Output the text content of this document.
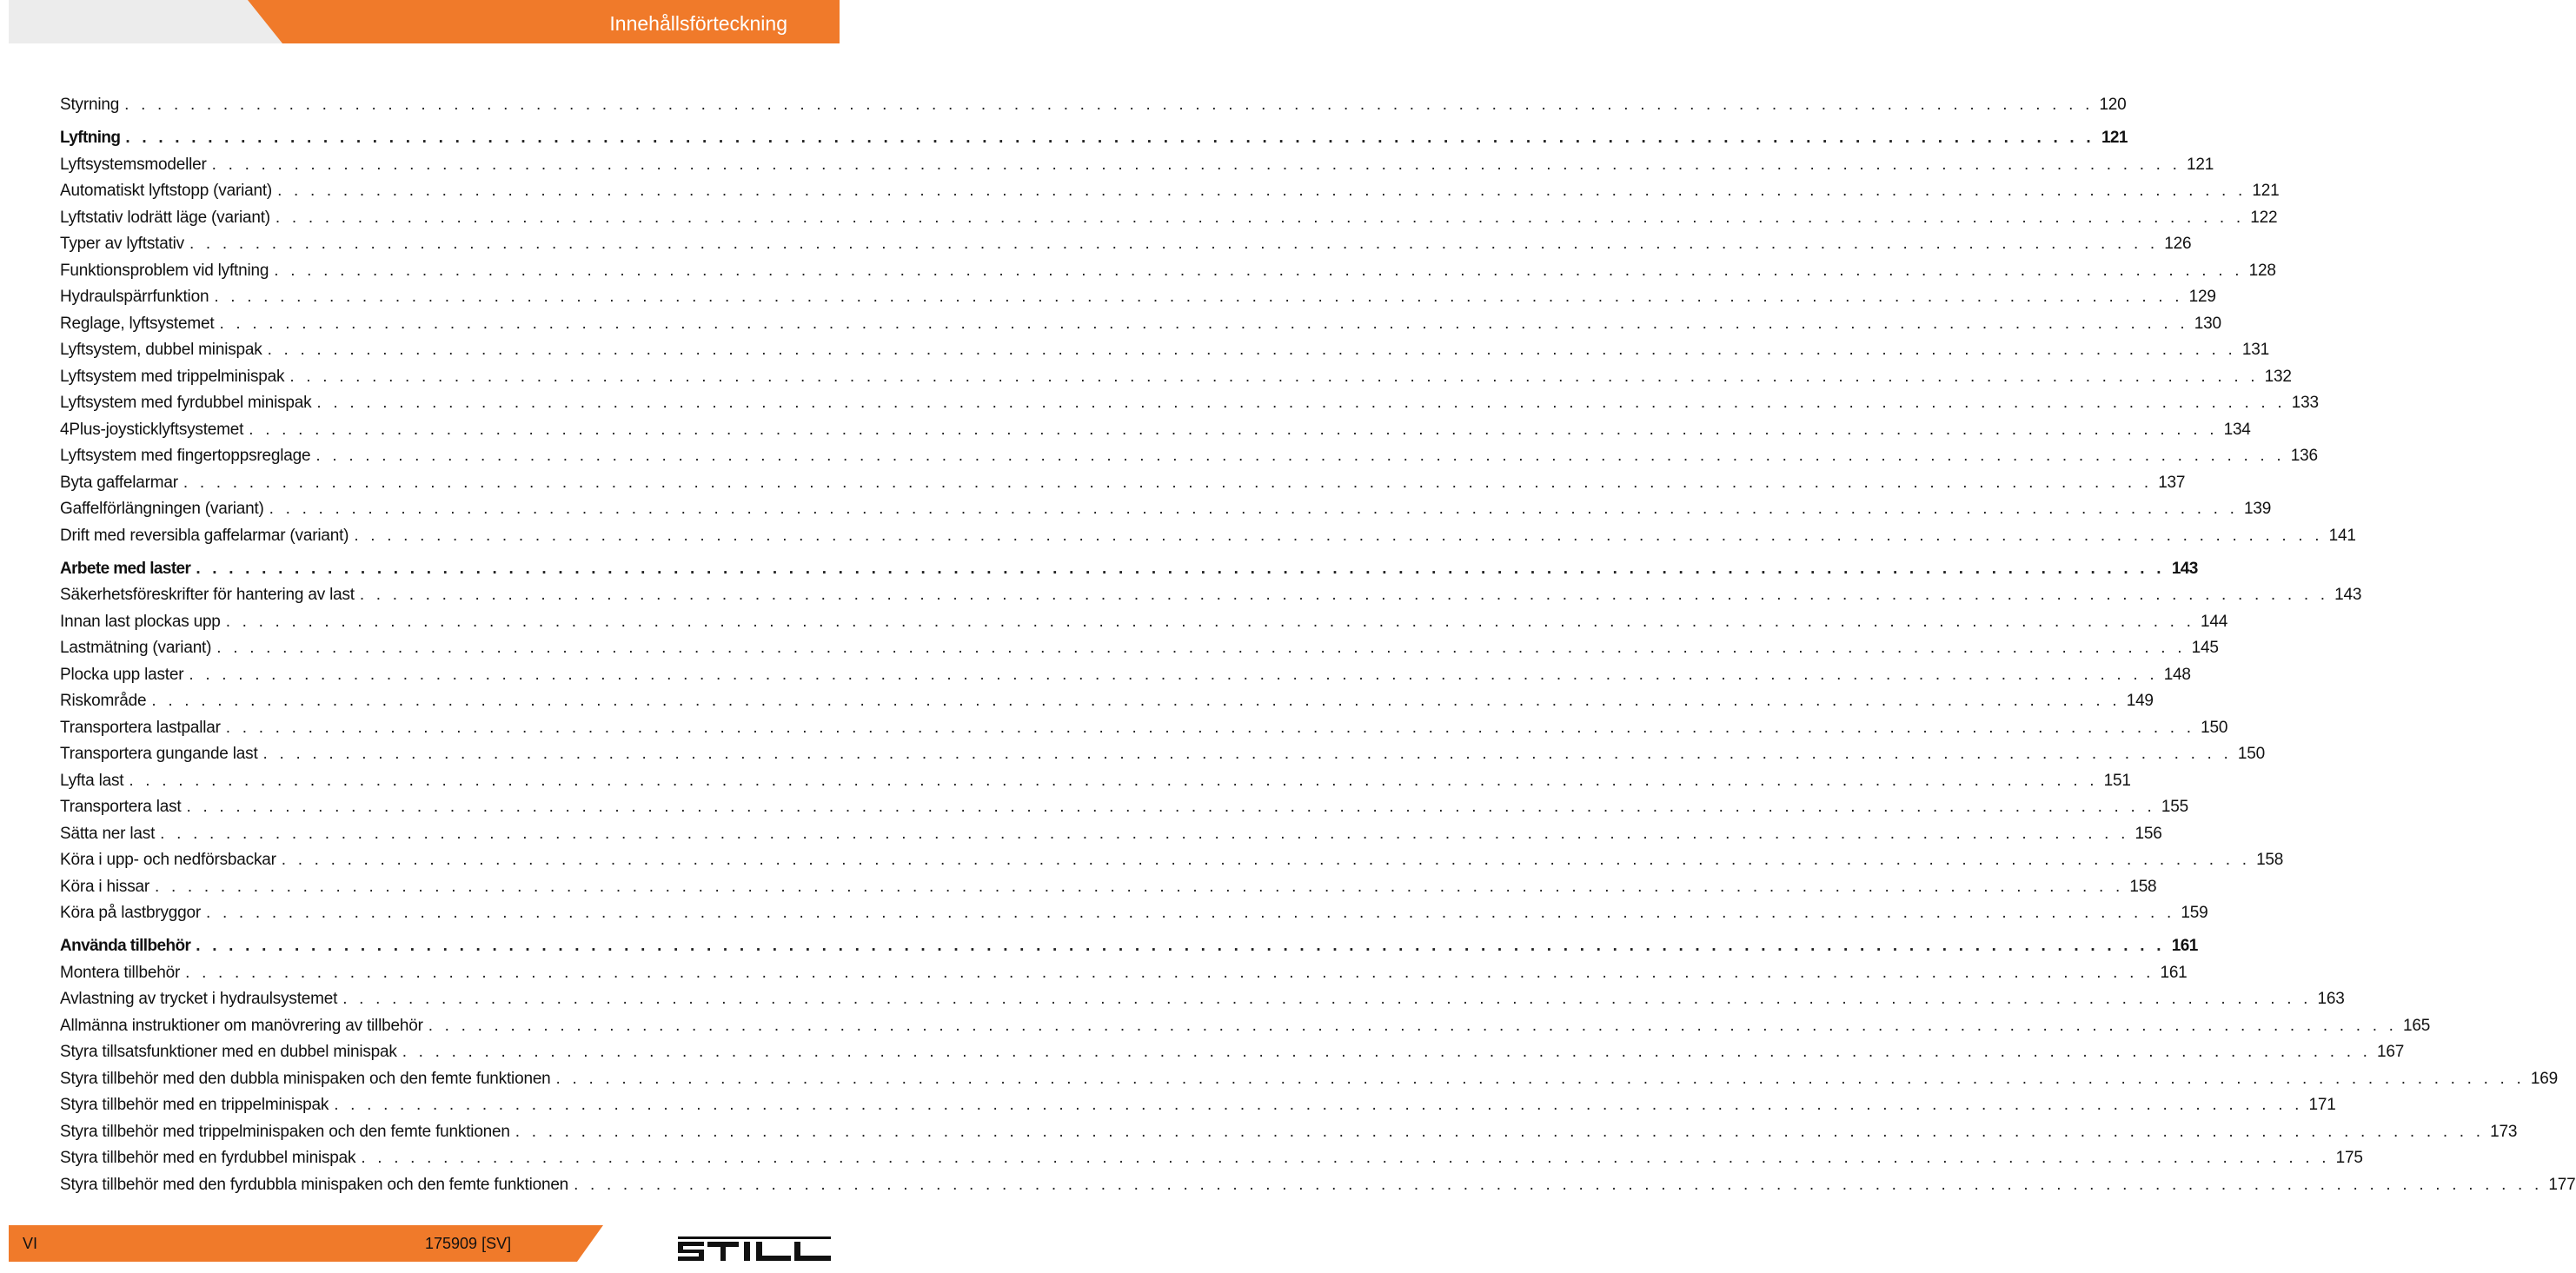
Innehållsförteckning
Styrning . . . . . . . . . . . . . . . . . . . . . . . . . . . . . . . . . . . . . . . . . . . . . . . . . . . . . . . . . . . . . . . . . . . . . . . . . . . . . . . . . . . . . . . . . . . . . . . . . . . . . . . . . . . . . . . . . . . . . . . . 120
Lyftning . . . . . . . . . . . . . . . . . . . . . . . . . . . . . . . . . . . . . . . . . . . . . . . . . . . . . . . . . . . . . . . . . . . . . . . . . . . . . . . . . . . . . . . . . . . . . . . . . . . . . . . . . . . . . . . . . . . . . . . . 121
Lyftsystemsmodeller . . . . . . . . . . . . . . . . . . . . . . . . . . . . . . . . . . . . . . . . . . . . . . . . . . . . . . . . . . . . . . . . . . . . . . . . . . . . . . . . . . . . . . . . . . . . . . . . . . . . . . . . . . . . . . . . . . . . . . . . 121
Automatiskt lyftstopp (variant) . . . . . . . . . . . . . . . . . . . . . . . . . . . . . . . . . . . . . . . . . . . . . . . . . . . . . . . . . . . . . . . . . . . . . . . . . . . . . . . . . . . . . . . . . . . . . . . . . . . . . . . . . . . . . . . . . . . . . . . . 121
Lyftstativ lodrätt läge (variant) . . . . . . . . . . . . . . . . . . . . . . . . . . . . . . . . . . . . . . . . . . . . . . . . . . . . . . . . . . . . . . . . . . . . . . . . . . . . . . . . . . . . . . . . . . . . . . . . . . . . . . . . . . . . . . . . . . . . . . . . 122
Typer av lyftstativ . . . . . . . . . . . . . . . . . . . . . . . . . . . . . . . . . . . . . . . . . . . . . . . . . . . . . . . . . . . . . . . . . . . . . . . . . . . . . . . . . . . . . . . . . . . . . . . . . . . . . . . . . . . . . . . . . . . . . . . . 126
Funktionsproblem vid lyftning . . . . . . . . . . . . . . . . . . . . . . . . . . . . . . . . . . . . . . . . . . . . . . . . . . . . . . . . . . . . . . . . . . . . . . . . . . . . . . . . . . . . . . . . . . . . . . . . . . . . . . . . . . . . . . . . . . . . . . . . 128
Hydraulspärrfunktion . . . . . . . . . . . . . . . . . . . . . . . . . . . . . . . . . . . . . . . . . . . . . . . . . . . . . . . . . . . . . . . . . . . . . . . . . . . . . . . . . . . . . . . . . . . . . . . . . . . . . . . . . . . . . . . . . . . . . . . . 129
Reglage, lyftsystemet . . . . . . . . . . . . . . . . . . . . . . . . . . . . . . . . . . . . . . . . . . . . . . . . . . . . . . . . . . . . . . . . . . . . . . . . . . . . . . . . . . . . . . . . . . . . . . . . . . . . . . . . . . . . . . . . . . . . . . . . 130
Lyftsystem, dubbel minispak . . . . . . . . . . . . . . . . . . . . . . . . . . . . . . . . . . . . . . . . . . . . . . . . . . . . . . . . . . . . . . . . . . . . . . . . . . . . . . . . . . . . . . . . . . . . . . . . . . . . . . . . . . . . . . . . . . . . . . . . 131
Lyftsystem med trippelminispak . . . . . . . . . . . . . . . . . . . . . . . . . . . . . . . . . . . . . . . . . . . . . . . . . . . . . . . . . . . . . . . . . . . . . . . . . . . . . . . . . . . . . . . . . . . . . . . . . . . . . . . . . . . . . . . . . . . . . . . . 132
Lyftsystem med fyrdubbel minispak . . . . . . . . . . . . . . . . . . . . . . . . . . . . . . . . . . . . . . . . . . . . . . . . . . . . . . . . . . . . . . . . . . . . . . . . . . . . . . . . . . . . . . . . . . . . . . . . . . . . . . . . . . . . . . . . . . . . . . . . 133
4Plus-joysticklyftsystemet . . . . . . . . . . . . . . . . . . . . . . . . . . . . . . . . . . . . . . . . . . . . . . . . . . . . . . . . . . . . . . . . . . . . . . . . . . . . . . . . . . . . . . . . . . . . . . . . . . . . . . . . . . . . . . . . . . . . . . . . 134
Lyftsystem med fingertoppsreglage . . . . . . . . . . . . . . . . . . . . . . . . . . . . . . . . . . . . . . . . . . . . . . . . . . . . . . . . . . . . . . . . . . . . . . . . . . . . . . . . . . . . . . . . . . . . . . . . . . . . . . . . . . . . . . . . . . . . . . . . 136
Byta gaffelarmar . . . . . . . . . . . . . . . . . . . . . . . . . . . . . . . . . . . . . . . . . . . . . . . . . . . . . . . . . . . . . . . . . . . . . . . . . . . . . . . . . . . . . . . . . . . . . . . . . . . . . . . . . . . . . . . . . . . . . . . . 137
Gaffelförlängningen (variant) . . . . . . . . . . . . . . . . . . . . . . . . . . . . . . . . . . . . . . . . . . . . . . . . . . . . . . . . . . . . . . . . . . . . . . . . . . . . . . . . . . . . . . . . . . . . . . . . . . . . . . . . . . . . . . . . . . . . . . . . 139
Drift med reversibla gaffelarmar (variant) . . . . . . . . . . . . . . . . . . . . . . . . . . . . . . . . . . . . . . . . . . . . . . . . . . . . . . . . . . . . . . . . . . . . . . . . . . . . . . . . . . . . . . . . . . . . . . . . . . . . . . . . . . . . . . . . . . . . . . . . 141
Arbete med laster . . . . . . . . . . . . . . . . . . . . . . . . . . . . . . . . . . . . . . . . . . . . . . . . . . . . . . . . . . . . . . . . . . . . . . . . . . . . . . . . . . . . . . . . . . . . . . . . . . . . . . . . . . . . . . . . . . . . . . . . 143
Säkerhetsföreskrifter för hantering av last . . . . . . . . . . . . . . . . . . . . . . . . . . . . . . . . . . . . . . . . . . . . . . . . . . . . . . . . . . . . . . . . . . . . . . . . . . . . . . . . . . . . . . . . . . . . . . . . . . . . . . . . . . . . . . . . . . . . . . . . 143
Innan last plockas upp . . . . . . . . . . . . . . . . . . . . . . . . . . . . . . . . . . . . . . . . . . . . . . . . . . . . . . . . . . . . . . . . . . . . . . . . . . . . . . . . . . . . . . . . . . . . . . . . . . . . . . . . . . . . . . . . . . . . . . . . 144
Lastmätning (variant) . . . . . . . . . . . . . . . . . . . . . . . . . . . . . . . . . . . . . . . . . . . . . . . . . . . . . . . . . . . . . . . . . . . . . . . . . . . . . . . . . . . . . . . . . . . . . . . . . . . . . . . . . . . . . . . . . . . . . . . . 145
Plocka upp laster . . . . . . . . . . . . . . . . . . . . . . . . . . . . . . . . . . . . . . . . . . . . . . . . . . . . . . . . . . . . . . . . . . . . . . . . . . . . . . . . . . . . . . . . . . . . . . . . . . . . . . . . . . . . . . . . . . . . . . . . 148
Riskområde . . . . . . . . . . . . . . . . . . . . . . . . . . . . . . . . . . . . . . . . . . . . . . . . . . . . . . . . . . . . . . . . . . . . . . . . . . . . . . . . . . . . . . . . . . . . . . . . . . . . . . . . . . . . . . . . . . . . . . . . 149
Transportera lastpallar . . . . . . . . . . . . . . . . . . . . . . . . . . . . . . . . . . . . . . . . . . . . . . . . . . . . . . . . . . . . . . . . . . . . . . . . . . . . . . . . . . . . . . . . . . . . . . . . . . . . . . . . . . . . . . . . . . . . . . . . 150
Transportera gungande last . . . . . . . . . . . . . . . . . . . . . . . . . . . . . . . . . . . . . . . . . . . . . . . . . . . . . . . . . . . . . . . . . . . . . . . . . . . . . . . . . . . . . . . . . . . . . . . . . . . . . . . . . . . . . . . . . . . . . . . . 150
Lyfta last . . . . . . . . . . . . . . . . . . . . . . . . . . . . . . . . . . . . . . . . . . . . . . . . . . . . . . . . . . . . . . . . . . . . . . . . . . . . . . . . . . . . . . . . . . . . . . . . . . . . . . . . . . . . . . . . . . . . . . . . 151
Transportera last . . . . . . . . . . . . . . . . . . . . . . . . . . . . . . . . . . . . . . . . . . . . . . . . . . . . . . . . . . . . . . . . . . . . . . . . . . . . . . . . . . . . . . . . . . . . . . . . . . . . . . . . . . . . . . . . . . . . . . . . 155
Sätta ner last . . . . . . . . . . . . . . . . . . . . . . . . . . . . . . . . . . . . . . . . . . . . . . . . . . . . . . . . . . . . . . . . . . . . . . . . . . . . . . . . . . . . . . . . . . . . . . . . . . . . . . . . . . . . . . . . . . . . . . . . 156
Köra i upp- och nedförsbackar . . . . . . . . . . . . . . . . . . . . . . . . . . . . . . . . . . . . . . . . . . . . . . . . . . . . . . . . . . . . . . . . . . . . . . . . . . . . . . . . . . . . . . . . . . . . . . . . . . . . . . . . . . . . . . . . . . . . . . . . 158
Köra i hissar . . . . . . . . . . . . . . . . . . . . . . . . . . . . . . . . . . . . . . . . . . . . . . . . . . . . . . . . . . . . . . . . . . . . . . . . . . . . . . . . . . . . . . . . . . . . . . . . . . . . . . . . . . . . . . . . . . . . . . . . 158
Köra på lastbryggor . . . . . . . . . . . . . . . . . . . . . . . . . . . . . . . . . . . . . . . . . . . . . . . . . . . . . . . . . . . . . . . . . . . . . . . . . . . . . . . . . . . . . . . . . . . . . . . . . . . . . . . . . . . . . . . . . . . . . . . . 159
Använda tillbehör . . . . . . . . . . . . . . . . . . . . . . . . . . . . . . . . . . . . . . . . . . . . . . . . . . . . . . . . . . . . . . . . . . . . . . . . . . . . . . . . . . . . . . . . . . . . . . . . . . . . . . . . . . . . . . . . . . . . . . . . 161
Montera tillbehör . . . . . . . . . . . . . . . . . . . . . . . . . . . . . . . . . . . . . . . . . . . . . . . . . . . . . . . . . . . . . . . . . . . . . . . . . . . . . . . . . . . . . . . . . . . . . . . . . . . . . . . . . . . . . . . . . . . . . . . . 161
Avlastning av trycket i hydraulsystemet . . . . . . . . . . . . . . . . . . . . . . . . . . . . . . . . . . . . . . . . . . . . . . . . . . . . . . . . . . . . . . . . . . . . . . . . . . . . . . . . . . . . . . . . . . . . . . . . . . . . . . . . . . . . . . . . . . . . . . . . 163
Allmänna instruktioner om manövrering av tillbehör . . . . . . . . . . . . . . . . . . . . . . . . . . . . . . . . . . . . . . . . . . . . . . . . . . . . . . . . . . . . . . . . . . . . . . . . . . . . . . . . . . . . . . . . . . . . . . . . . . . . . . . . . . . . . . . . . . . . . . . . 165
Styra tillsatsfunktioner med en dubbel minispak . . . . . . . . . . . . . . . . . . . . . . . . . . . . . . . . . . . . . . . . . . . . . . . . . . . . . . . . . . . . . . . . . . . . . . . . . . . . . . . . . . . . . . . . . . . . . . . . . . . . . . . . . . . . . . . . . . . . . . . . 167
Styra tillbehör med den dubbla minispaken och den femte funktionen . . . . . . . . . . . . . . . . . . . . . . . . . . . . . . . . . . . . . . . . . . . . . . . . . . . . . . . . . . . . . . . . . . . . . . . . . . . . . . . . . . . . . . . . . . . . . . . . . . . . . . . . . . . . . . . . . . . . . . . . 169
Styra tillbehör med en trippelminispak . . . . . . . . . . . . . . . . . . . . . . . . . . . . . . . . . . . . . . . . . . . . . . . . . . . . . . . . . . . . . . . . . . . . . . . . . . . . . . . . . . . . . . . . . . . . . . . . . . . . . . . . . . . . . . . . . . . . . . . . 171
Styra tillbehör med trippelminispaken och den femte funktionen . . . . . . . . . . . . . . . . . . . . . . . . . . . . . . . . . . . . . . . . . . . . . . . . . . . . . . . . . . . . . . . . . . . . . . . . . . . . . . . . . . . . . . . . . . . . . . . . . . . . . . . . . . . . . . . . . . . . . . . . 173
Styra tillbehör med en fyrdubbel minispak . . . . . . . . . . . . . . . . . . . . . . . . . . . . . . . . . . . . . . . . . . . . . . . . . . . . . . . . . . . . . . . . . . . . . . . . . . . . . . . . . . . . . . . . . . . . . . . . . . . . . . . . . . . . . . . . . . . . . . . . 175
Styra tillbehör med den fyrdubbla minispaken och den femte funktionen . . . . . . . . . . . . . . . . . . . . . . . . . . . . . . . . . . . . . . . . . . . . . . . . . . . . . . . . . . . . . . . . . . . . . . . . . . . . . . . . . . . . . . . . . . . . . . . . . . . . . . . . . . . . . . . . . . . . . . . . 177
VI	175909 [SV]
